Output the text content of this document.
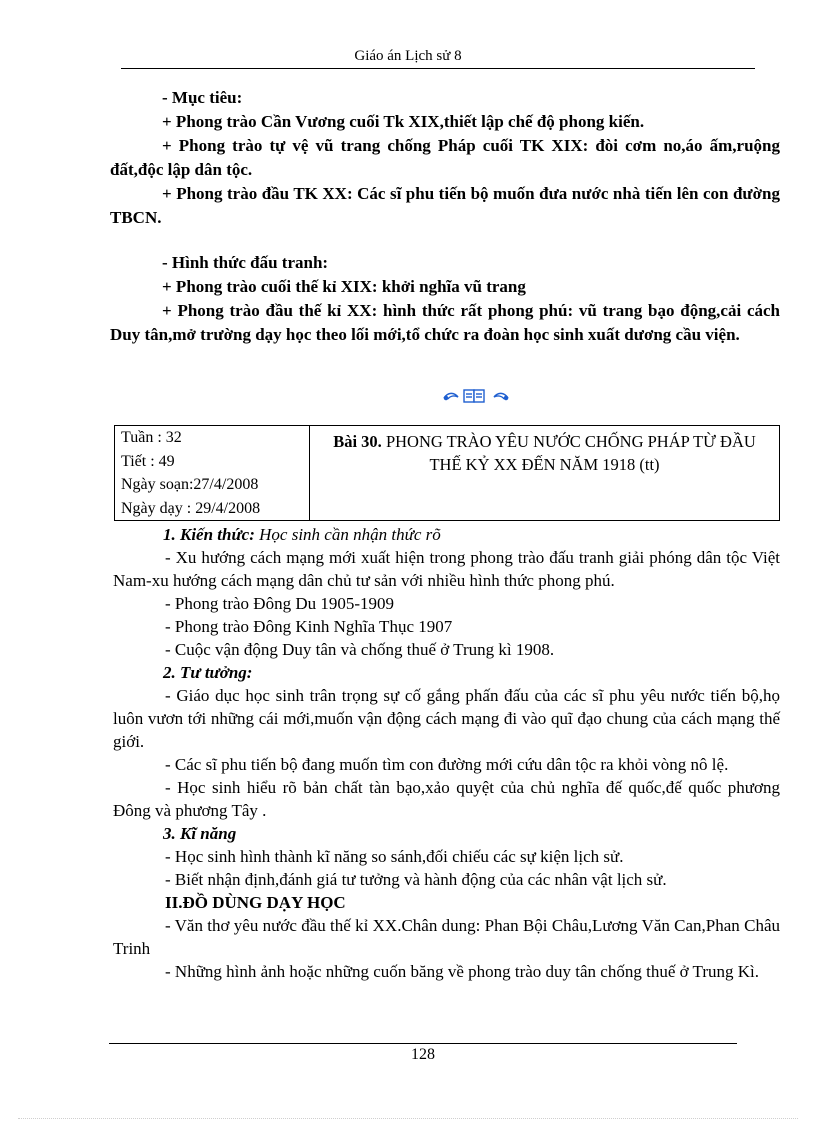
Giáo án Lịch sử 8
- Mục tiêu:
+ Phong trào Cần Vương cuối Tk XIX,thiết lập chế độ phong kiến.
+ Phong trào tự vệ vũ trang chống Pháp cuối TK XIX: đòi cơm no,áo ấm,ruộng đất,độc lập dân tộc.
+ Phong trào đầu TK XX: Các sĩ phu tiến bộ muốn đưa nước nhà tiến lên con đường TBCN.
- Hình thức đấu tranh:
+ Phong trào cuối thế kỉ XIX: khởi nghĩa vũ trang
+ Phong trào đầu thế kỉ XX: hình thức rất phong phú: vũ trang bạo động,cải cách Duy tân,mở trường dạy học theo lối mới,tổ chức ra đoàn học sinh xuất dương cầu viện.
Tuần : 32
Tiết : 49
Ngày soạn:27/4/2008
Ngày dạy : 29/4/2008
	Bài 30. PHONG TRÀO YÊU NƯỚC CHỐNG PHÁP TỪ ĐẦU THẾ KỶ XX ĐẾN NĂM 1918 (tt)
1. Kiến thức: Học sinh cần nhận thức rõ
- Xu hướng cách mạng mới xuất hiện trong phong trào đấu tranh giải phóng dân tộc Việt Nam-xu hướng cách mạng dân chủ tư sản với nhiều hình thức phong phú.
- Phong trào Đông Du 1905-1909
- Phong trào Đông Kinh Nghĩa Thục 1907
- Cuộc vận động Duy tân và chống thuế ở Trung kì 1908.
2. Tư tưởng:
- Giáo dục học sinh trân trọng sự cố gắng phấn đấu của các sĩ phu yêu nước tiến bộ,họ luôn vươn tới những cái mới,muốn vận động cách mạng đi vào quĩ đạo chung của cách mạng thế giới.
- Các sĩ phu tiến bộ đang muốn tìm con đường mới cứu dân tộc ra khỏi vòng nô lệ.
- Học sinh hiểu rõ bản chất tàn bạo,xảo quyệt của chủ nghĩa đế quốc,đế quốc phương Đông và phương Tây .
3. Kĩ năng
- Học sinh hình thành kĩ năng so sánh,đối chiếu các sự kiện lịch sử.
- Biết nhận định,đánh giá tư tưởng và hành động của các nhân vật lịch sử.
II.ĐỒ DÙNG DẠY HỌC
- Văn thơ yêu nước đầu thế kỉ XX.Chân dung: Phan Bội Châu,Lương Văn Can,Phan Châu Trinh
- Những hình ảnh hoặc những cuốn băng về phong trào duy tân chống thuế ở Trung Kì.
128
